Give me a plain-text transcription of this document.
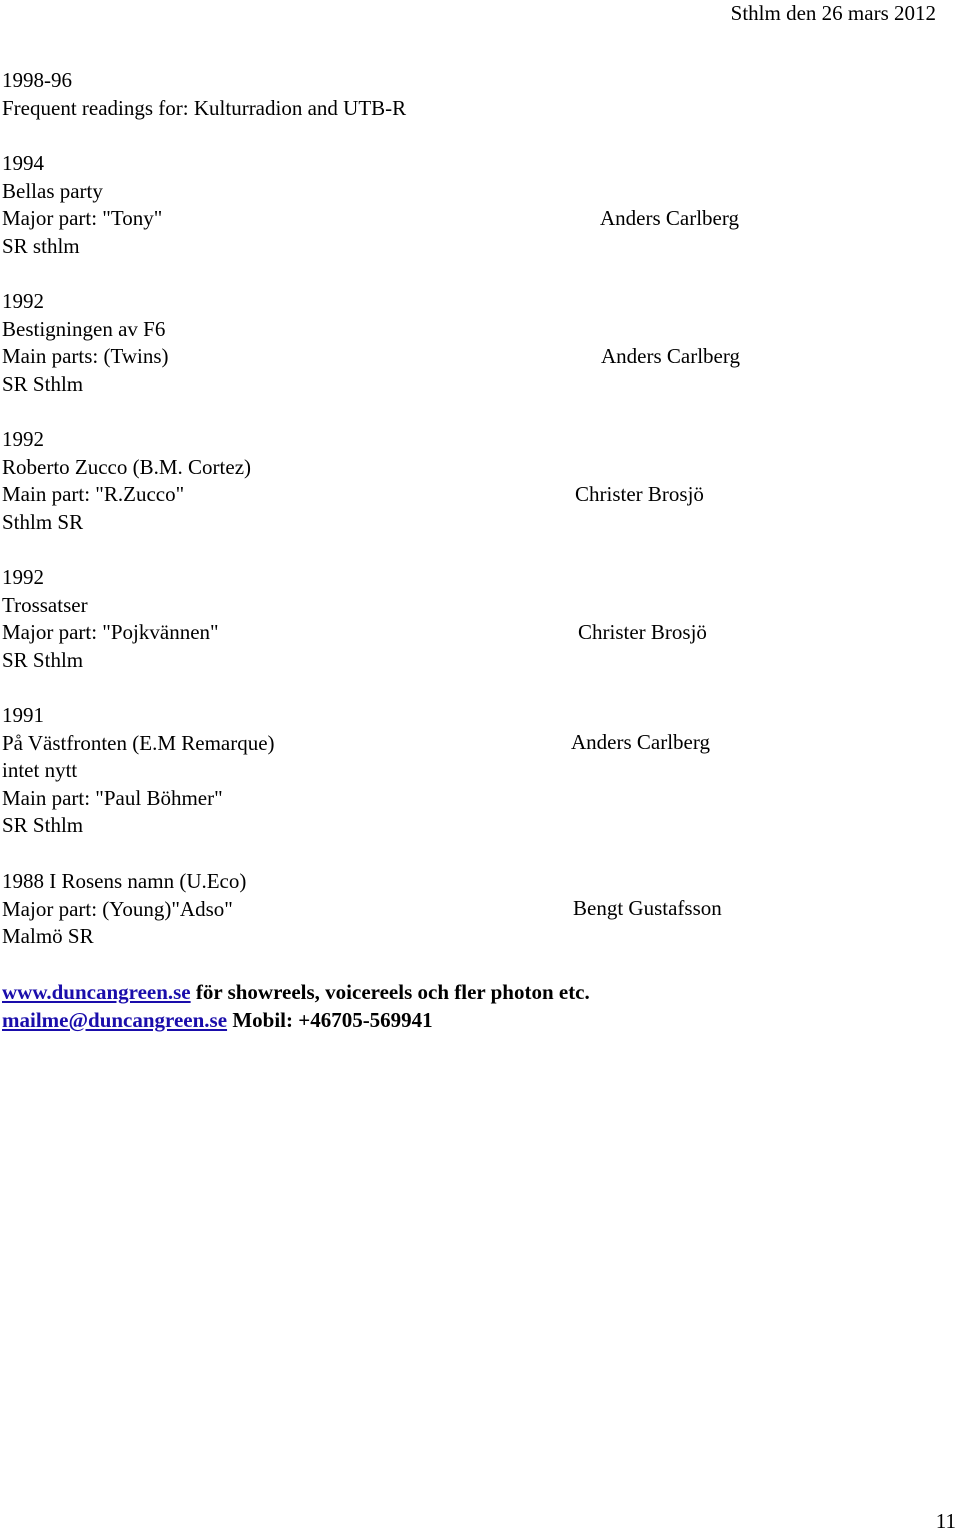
Sthlm den 26 mars 2012
1998-96
Frequent readings for: Kulturradion and UTB-R
1994
Bellas party
Major part: "Tony"
SR sthlm
Anders Carlberg
1992
Bestigningen av F6
Main parts: (Twins)
SR Sthlm
Anders Carlberg
1992
Roberto Zucco (B.M. Cortez)
Main part: "R.Zucco"
Sthlm SR
Christer Brosjö
1992
Trossatser
Major part: "Pojkvännen"
SR Sthlm
Christer Brosjö
1991
På Västfronten (E.M Remarque)
intet nytt
Main part: "Paul Böhmer"
SR Sthlm
Anders Carlberg
1988 I Rosens namn (U.Eco)
Major part: (Young)"Adso"
Malmö SR
Bengt Gustafsson
www.duncangreen.se för showreels, voicereels och fler photon etc.
mailme@duncangreen.se Mobil: +46705-569941
11
